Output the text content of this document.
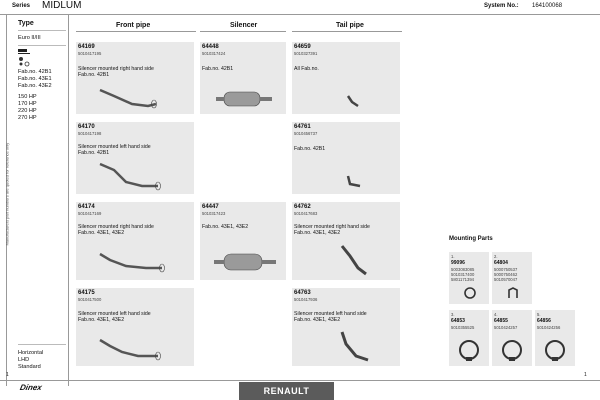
Series MIDLUM	System No.: 164100068
Manufacturers part numbers are quoted for reference only
Type
Euro II/III
Fab.no. 42B1
Fab.no. 43E1
Fab.no. 43E2
150 HP
170 HP
220 HP
270 HP
Horizontal
LHD
Standard
Front pipe	Silencer	Tail pipe
64169
5010417195
Silencer mounted right hand side
Fab.no. 42B1
64170
5010417198
Silencer mounted left hand side
Fab.no. 42B1
64174
5010417169
Silencer mounted right hand side
Fab.no. 43E1, 43E2
64175
5010417500
Silencer mounted left hand side
Fab.no. 43E1, 43E2
64448
5010317424
Fab.no. 42B1
64447
5010317423
Fab.no. 43E1, 43E2
64659
5010327391
All Fab.no.
64761
5010456737
Fab.no. 42B1
64762
5010417683
Silencer mounted right hand side
Fab.no. 43E1, 43E2
64763
5010417936
Silencer mounted left hand side
Fab.no. 43E1, 43E2
Mounting Parts
1.
99096
5003083085
5010317400
5801171394
2.
64804
5000750537
5000750462
5010570047
3.
64853
5010355525
4.
64855
5010424257
5.
64856
5010424256
1	1
Dinex	RENAULT
